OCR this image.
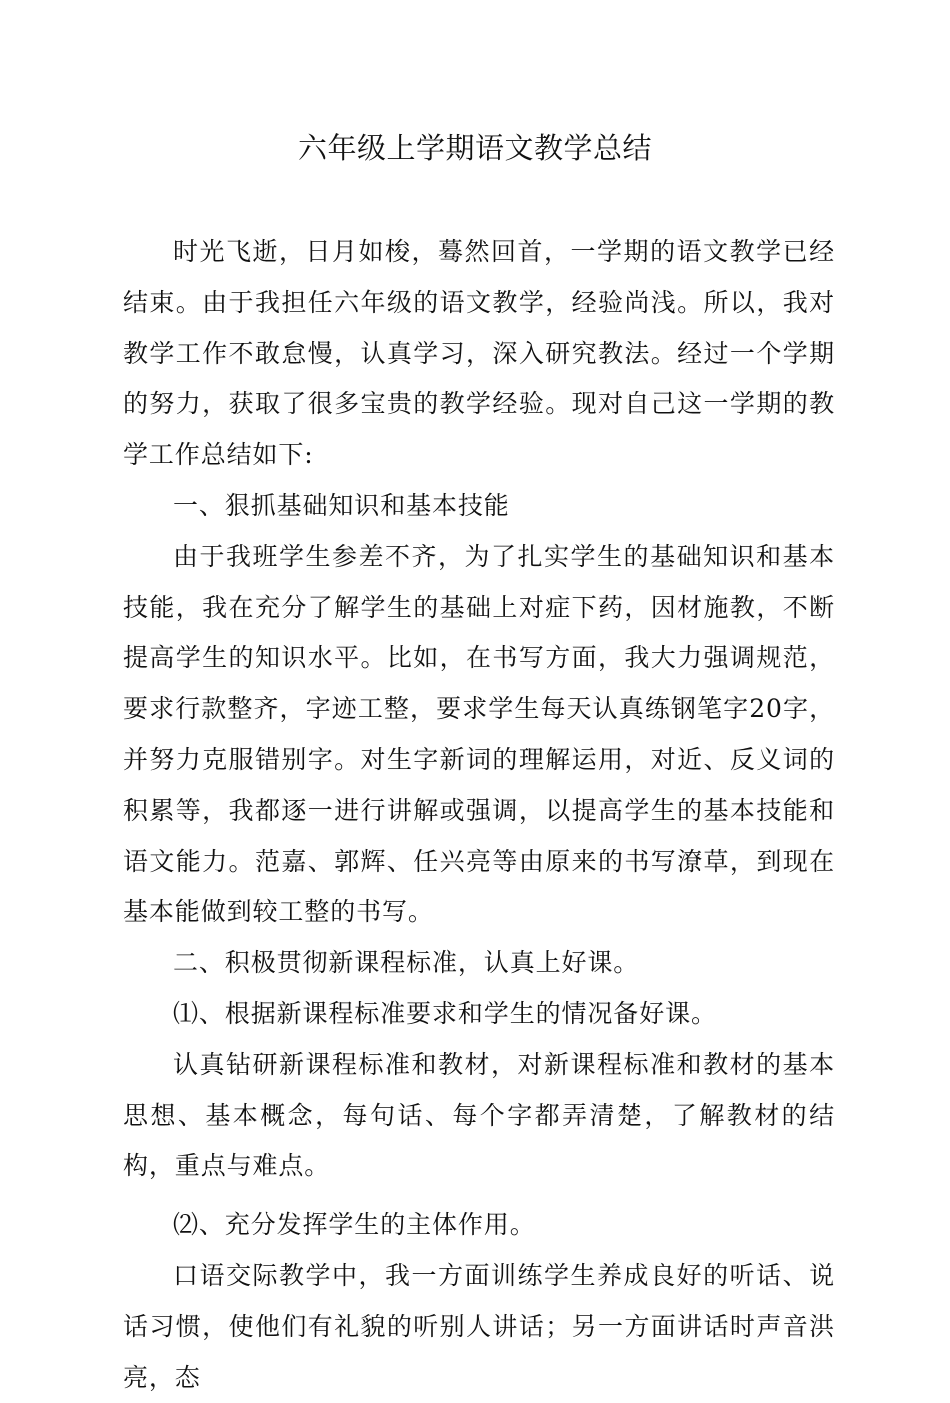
六年级上学期语文教学总结

时光飞逝，日月如梭，蓦然回首，一学期的语文教学已经结束。由于我担任六年级的语文教学，经验尚浅。所以，我对教学工作不敢怠慢，认真学习，深入研究教法。经过一个学期的努力，获取了很多宝贵的教学经验。现对自己这一学期的教学工作总结如下:

一、狠抓基础知识和基本技能

由于我班学生参差不齐，为了扎实学生的基础知识和基本技能，我在充分了解学生的基础上对症下药，因材施教，不断提高学生的知识水平。比如，在书写方面，我大力强调规范，要求行款整齐，字迹工整，要求学生每天认真练钢笔字20字，并努力克服错别字。对生字新词的理解运用，对近、反义词的积累等，我都逐一进行讲解或强调，以提高学生的基本技能和语文能力。范嘉、郭辉、任兴亮等由原来的书写潦草，到现在基本能做到较工整的书写。

二、积极贯彻新课程标准，认真上好课。

⑴、根据新课程标准要求和学生的情况备好课。

认真钻研新课程标准和教材，对新课程标准和教材的基本思想、基本概念，每句话、每个字都弄清楚，了解教材的结构，重点与难点。

⑵、充分发挥学生的主体作用。

口语交际教学中，我一方面训练学生养成良好的听话、说话习惯，使他们有礼貌的听别人讲话；另一方面讲话时声音洪亮，态
